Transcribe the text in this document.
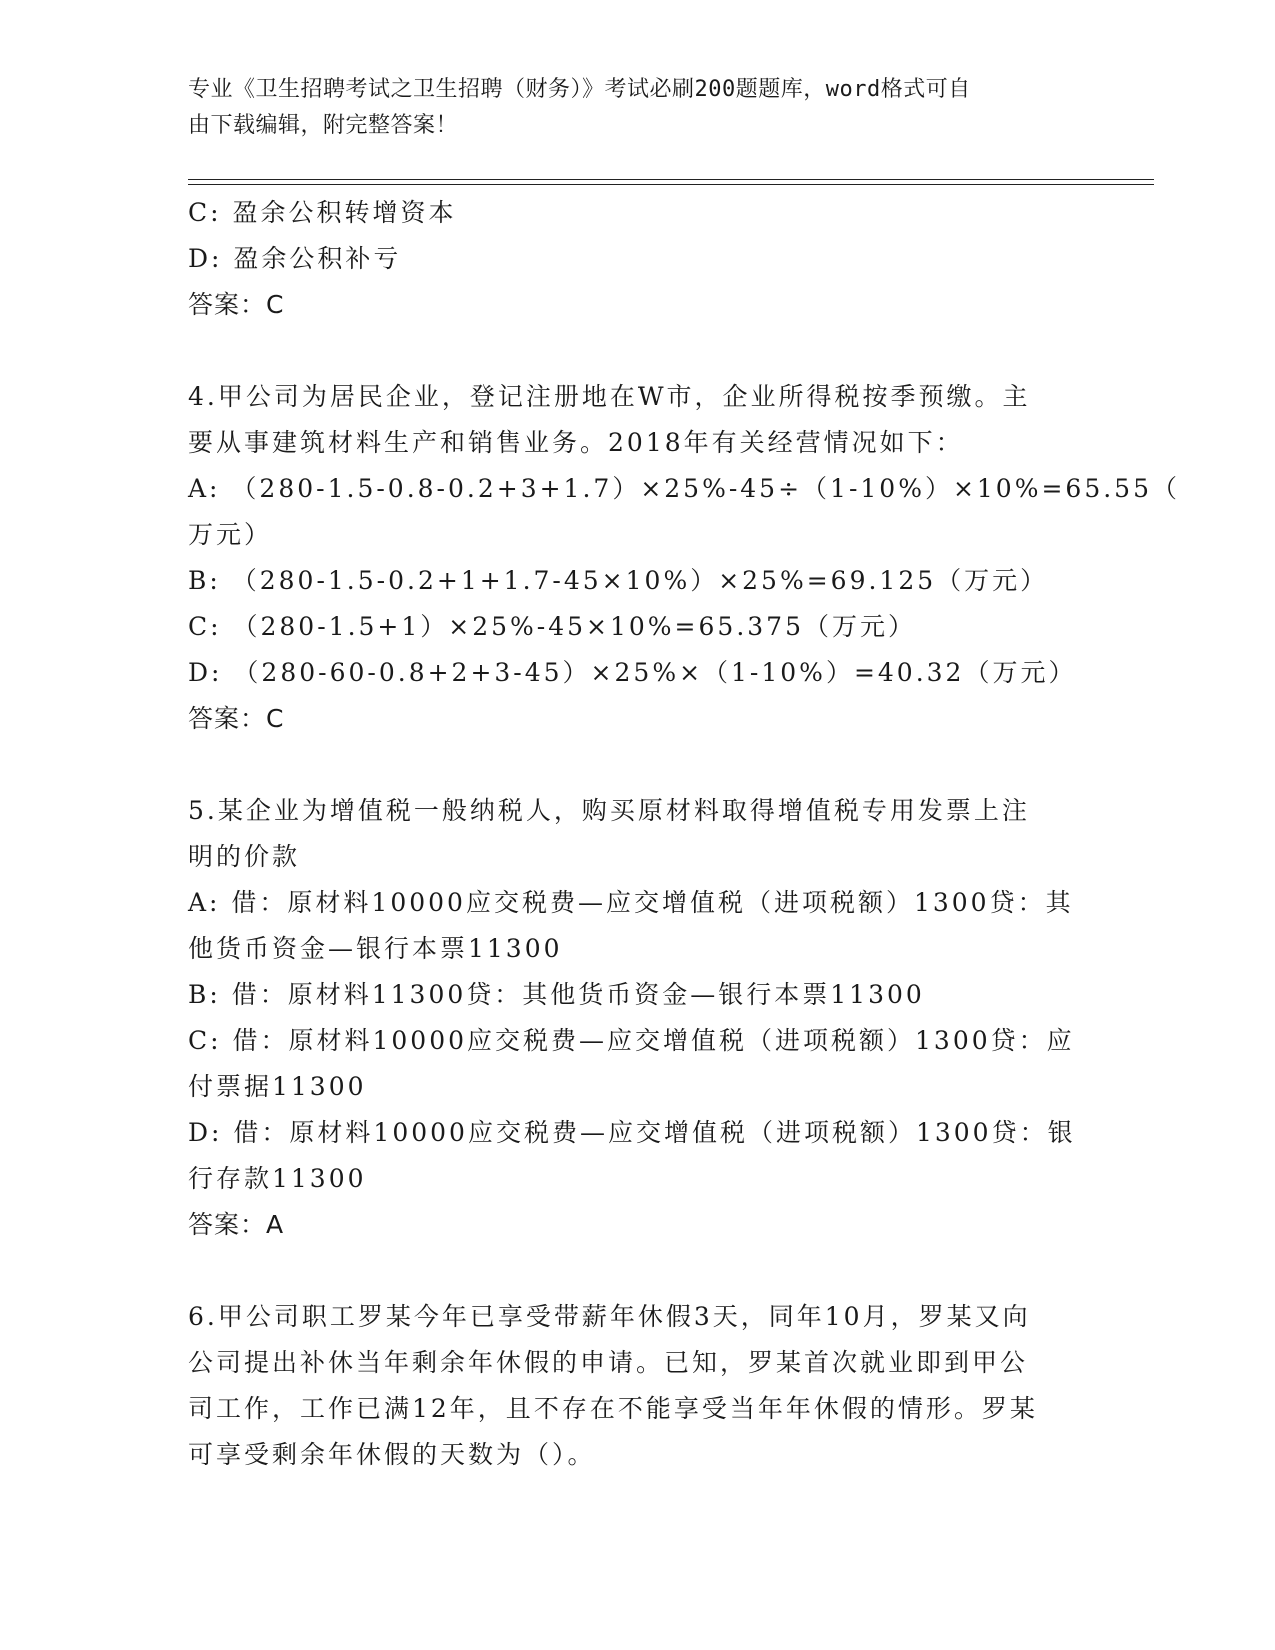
专业《卫生招聘考试之卫生招聘（财务）》考试必刷200题题库，word格式可自
由下载编辑，附完整答案！
C: 盈余公积转增资本
D: 盈余公积补亏
答案：C
4.甲公司为居民企业，登记注册地在W市，企业所得税按季预缴。主
要从事建筑材料生产和销售业务。2018年有关经营情况如下：
A: （280-1.5-0.8-0.2+3+1.7）×25%-45÷（1-10%）×10%=65.55（
万元）
B: （280-1.5-0.2+1+1.7-45×10%）×25%=69.125（万元）
C: （280-1.5+1）×25%-45×10%=65.375（万元）
D: （280-60-0.8+2+3-45）×25%×（1-10%）=40.32（万元）
答案：C
5.某企业为增值税一般纳税人，购买原材料取得增值税专用发票上注
明的价款
A: 借：原材料10000应交税费—应交增值税（进项税额）1300贷：其
他货币资金—银行本票11300
B: 借：原材料11300贷：其他货币资金—银行本票11300
C: 借：原材料10000应交税费—应交增值税（进项税额）1300贷：应
付票据11300
D: 借：原材料10000应交税费—应交增值税（进项税额）1300贷：银
行存款11300
答案：A
6.甲公司职工罗某今年已享受带薪年休假3天，同年10月，罗某又向
公司提出补休当年剩余年休假的申请。已知，罗某首次就业即到甲公
司工作，工作已满12年，且不存在不能享受当年年休假的情形。罗某
可享受剩余年休假的天数为（）。
